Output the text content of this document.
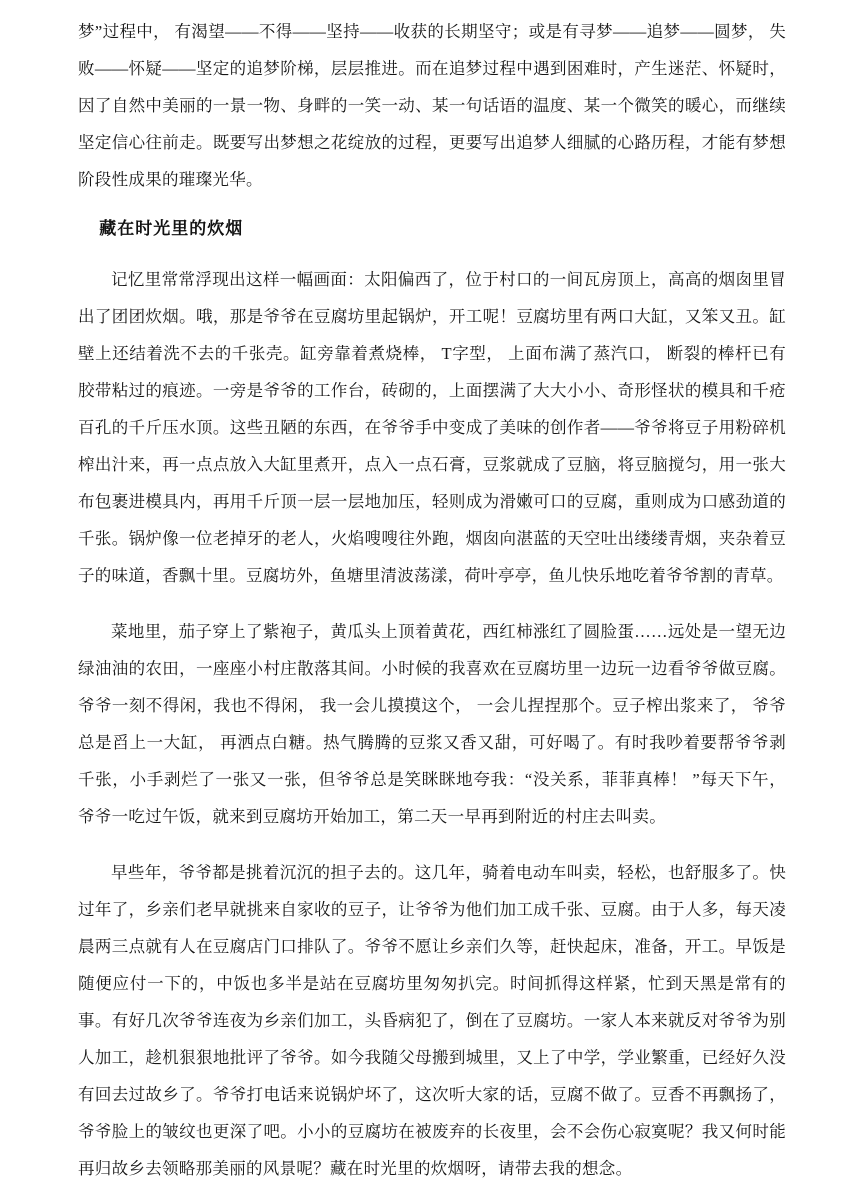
梦”过程中， 有渴望——不得——坚持——收获的长期坚守；或是有寻梦——追梦——圆梦， 失败——怀疑——坚定的追梦阶梯，层层推进。而在追梦过程中遇到困难时，产生迷茫、怀疑时，因了自然中美丽的一景一物、身畔的一笑一动、某一句话语的温度、某一个微笑的暖心，而继续坚定信心往前走。既要写出梦想之花绽放的过程，更要写出追梦人细腻的心路历程，才能有梦想阶段性成果的璀璨光华。

藏在时光里的炊烟

记忆里常常浮现出这样一幅画面：太阳偏西了，位于村口的一间瓦房顶上，高高的烟囱里冒出了团团炊烟。哦，那是爷爷在豆腐坊里起锅炉，开工呢！豆腐坊里有两口大缸，又笨又丑。缸壁上还结着洗不去的千张壳。缸旁靠着煮烧棒， T字型， 上面布满了蒸汽口， 断裂的棒杆已有胶带粘过的痕迹。一旁是爷爷的工作台，砖砌的，上面摆满了大大小小、奇形怪状的模具和千疮百孔的千斤压水顶。这些丑陋的东西，在爷爷手中变成了美味的创作者——爷爷将豆子用粉碎机榨出汁来，再一点点放入大缸里煮开，点入一点石膏，豆浆就成了豆脑，将豆脑搅匀，用一张大布包裹进模具内，再用千斤顶一层一层地加压，轻则成为滑嫩可口的豆腐，重则成为口感劲道的千张。锅炉像一位老掉牙的老人，火焰嗖嗖往外跑，烟囱向湛蓝的天空吐出缕缕青烟，夹杂着豆子的味道，香飘十里。豆腐坊外，鱼塘里清波荡漾，荷叶亭亭，鱼儿快乐地吃着爷爷割的青草。

菜地里，茄子穿上了紫袍子，黄瓜头上顶着黄花，西红柿涨红了圆脸蛋……远处是一望无边绿油油的农田，一座座小村庄散落其间。小时候的我喜欢在豆腐坊里一边玩一边看爷爷做豆腐。爷爷一刻不得闲，我也不得闲， 我一会儿摸摸这个， 一会儿捏捏那个。豆子榨出浆来了， 爷爷总是舀上一大缸， 再洒点白糖。热气腾腾的豆浆又香又甜，可好喝了。有时我吵着要帮爷爷剥千张，小手剥烂了一张又一张，但爷爷总是笑眯眯地夸我：“没关系，菲菲真棒！ ”每天下午，爷爷一吃过午饭，就来到豆腐坊开始加工，第二天一早再到附近的村庄去叫卖。

早些年，爷爷都是挑着沉沉的担子去的。这几年，骑着电动车叫卖，轻松，也舒服多了。快过年了，乡亲们老早就挑来自家收的豆子，让爷爷为他们加工成千张、豆腐。由于人多，每天凌晨两三点就有人在豆腐店门口排队了。爷爷不愿让乡亲们久等，赶快起床，准备，开工。早饭是随便应付一下的，中饭也多半是站在豆腐坊里匆匆扒完。时间抓得这样紧，忙到天黑是常有的事。有好几次爷爷连夜为乡亲们加工，头昏病犯了，倒在了豆腐坊。一家人本来就反对爷爷为别人加工，趁机狠狠地批评了爷爷。如今我随父母搬到城里，又上了中学，学业繁重，已经好久没有回去过故乡了。爷爷打电话来说锅炉坏了，这次听大家的话，豆腐不做了。豆香不再飘扬了，爷爷脸上的皱纹也更深了吧。小小的豆腐坊在被废弃的长夜里，会不会伤心寂寞呢？我又何时能再归故乡去领略那美丽的风景呢？藏在时光里的炊烟呀，请带去我的想念。
